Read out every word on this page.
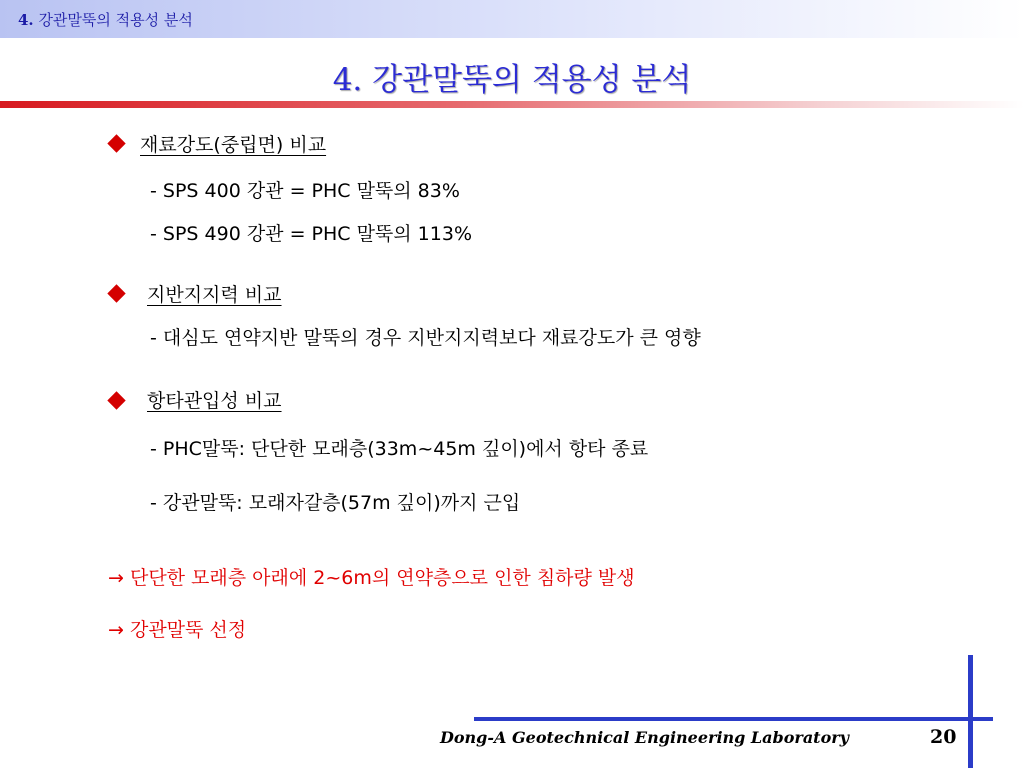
4. 강관말뚝의 적용성 분석
4. 강관말뚝의 적용성 분석
재료강도(중립면) 비교
- SPS 400 강관 = PHC 말뚝의 83%
- SPS 490 강관 = PHC 말뚝의 113%
지반지지력 비교
- 대심도 연약지반 말뚝의 경우 지반지지력보다 재료강도가 큰 영향
항타관입성 비교
- PHC말뚝: 단단한 모래층(33m~45m 깊이)에서 항타 종료
- 강관말뚝: 모래자갈층(57m 깊이)까지 근입
→ 단단한 모래층 아래에 2~6m의 연약층으로 인한 침하량 발생
→ 강관말뚝 선정
Dong-A Geotechnical Engineering Laboratory	20
